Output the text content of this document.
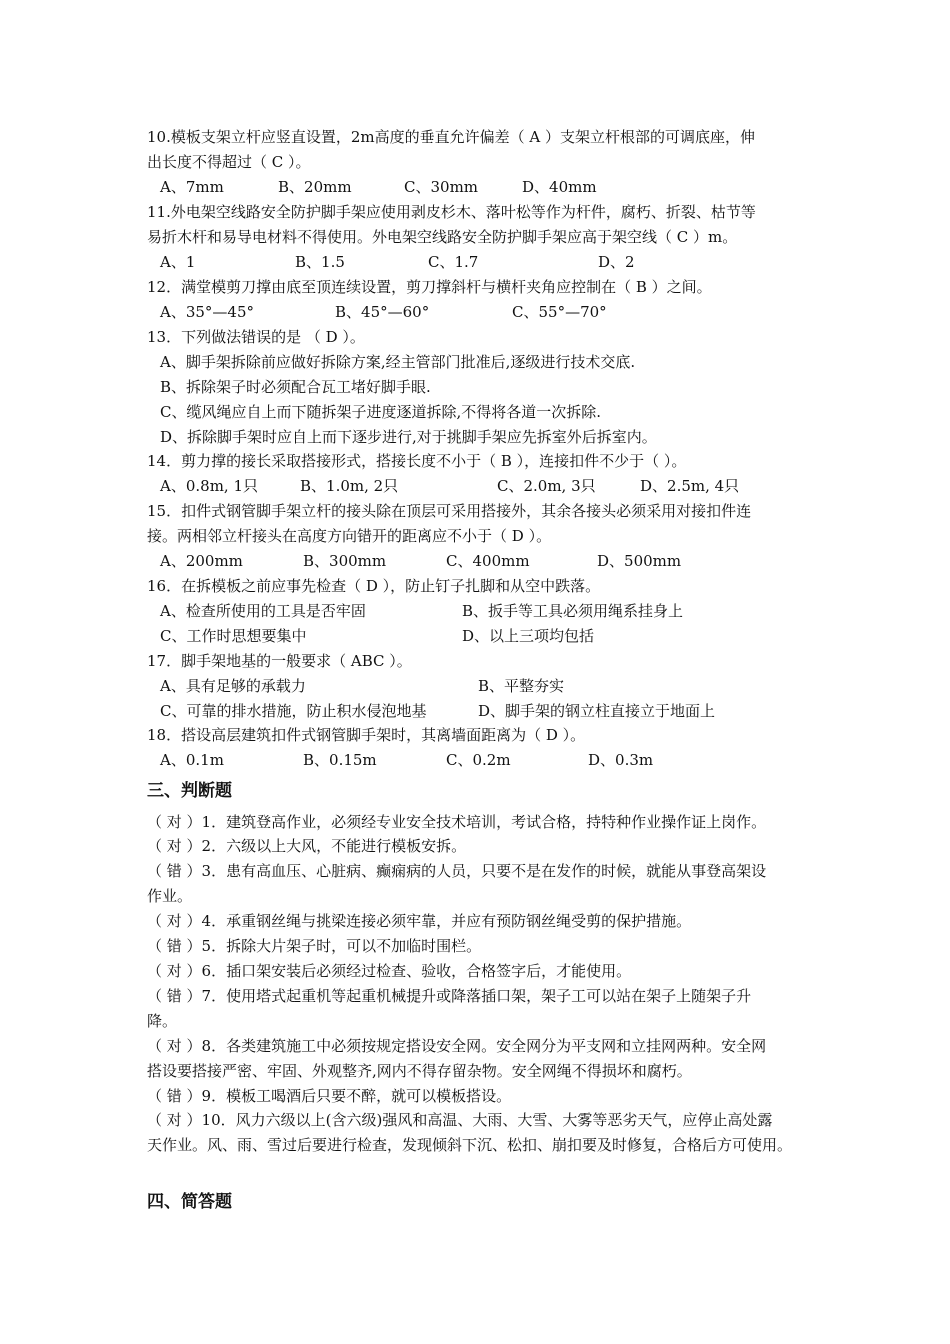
10.模板支架立杆应竖直设置，2m高度的垂直允许偏差（ A ）支架立杆根部的可调底座，伸
出长度不得超过（ C ）。
A、7mm	B、20mm	C、30mm	D、40mm
11.外电架空线路安全防护脚手架应使用剥皮杉木、落叶松等作为杆件，腐朽、折裂、枯节等
易折木杆和易导电材料不得使用。外电架空线路安全防护脚手架应高于架空线（ C ）m。
A、1	B、1.5	C、1.7	D、2
12．满堂模剪刀撑由底至顶连续设置，剪刀撑斜杆与横杆夹角应控制在（ B ）之间。
A、35°—45°	B、45°—60°	C、55°—70°
13．下列做法错误的是 （ D ）。
A、脚手架拆除前应做好拆除方案,经主管部门批准后,逐级进行技术交底.
B、拆除架子时必须配合瓦工堵好脚手眼.
C、缆风绳应自上而下随拆架子进度逐道拆除,不得将各道一次拆除.
D、拆除脚手架时应自上而下逐步进行,对于挑脚手架应先拆室外后拆室内。
14．剪力撑的接长采取搭接形式，搭接长度不小于（ B ），连接扣件不少于（ ）。
A、0.8m, 1只	B、1.0m, 2只	C、2.0m, 3只	D、2.5m, 4只
15．扣件式钢管脚手架立杆的接头除在顶层可采用搭接外，其余各接头必须采用对接扣件连
接。两相邻立杆接头在高度方向错开的距离应不小于（ D ）。
A、200mm	B、300mm	C、400mm	D、500mm
16．在拆模板之前应事先检查（ D ），防止钉子扎脚和从空中跌落。
A、检查所使用的工具是否牢固	B、扳手等工具必须用绳系挂身上
C、工作时思想要集中	D、以上三项均包括
17．脚手架地基的一般要求（ ABC ）。
A、具有足够的承载力	B、平整夯实
C、可靠的排水措施，防止积水侵泡地基	D、脚手架的钢立柱直接立于地面上
18．搭设高层建筑扣件式钢管脚手架时，其离墙面距离为（ D ）。
A、0.1m	B、0.15m	C、0.2m	D、0.3m
三、判断题
（ 对 ）1．建筑登高作业，必须经专业安全技术培训，考试合格，持特种作业操作证上岗作。
（ 对 ）2．六级以上大风，不能进行模板安拆。
（ 错 ）3．患有高血压、心脏病、癫痫病的人员，只要不是在发作的时候，就能从事登高架设
作业。
（ 对 ）4．承重钢丝绳与挑梁连接必须牢靠，并应有预防钢丝绳受剪的保护措施。
（ 错 ）5．拆除大片架子时，可以不加临时围栏。
（ 对 ）6．插口架安装后必须经过检查、验收，合格签字后，才能使用。
（ 错 ）7．使用塔式起重机等起重机械提升或降落插口架，架子工可以站在架子上随架子升
降。
（ 对 ）8．各类建筑施工中必须按规定搭设安全网。安全网分为平支网和立挂网两种。安全网
搭设要搭接严密、牢固、外观整齐,网内不得存留杂物。安全网绳不得损坏和腐朽。
（ 错 ）9．模板工喝酒后只要不醉，就可以模板搭设。
（ 对 ）10．风力六级以上(含六级)强风和高温、大雨、大雪、大雾等恶劣天气，应停止高处露
天作业。风、雨、雪过后要进行检查，发现倾斜下沉、松扣、崩扣要及时修复，合格后方可使用。
四、简答题
